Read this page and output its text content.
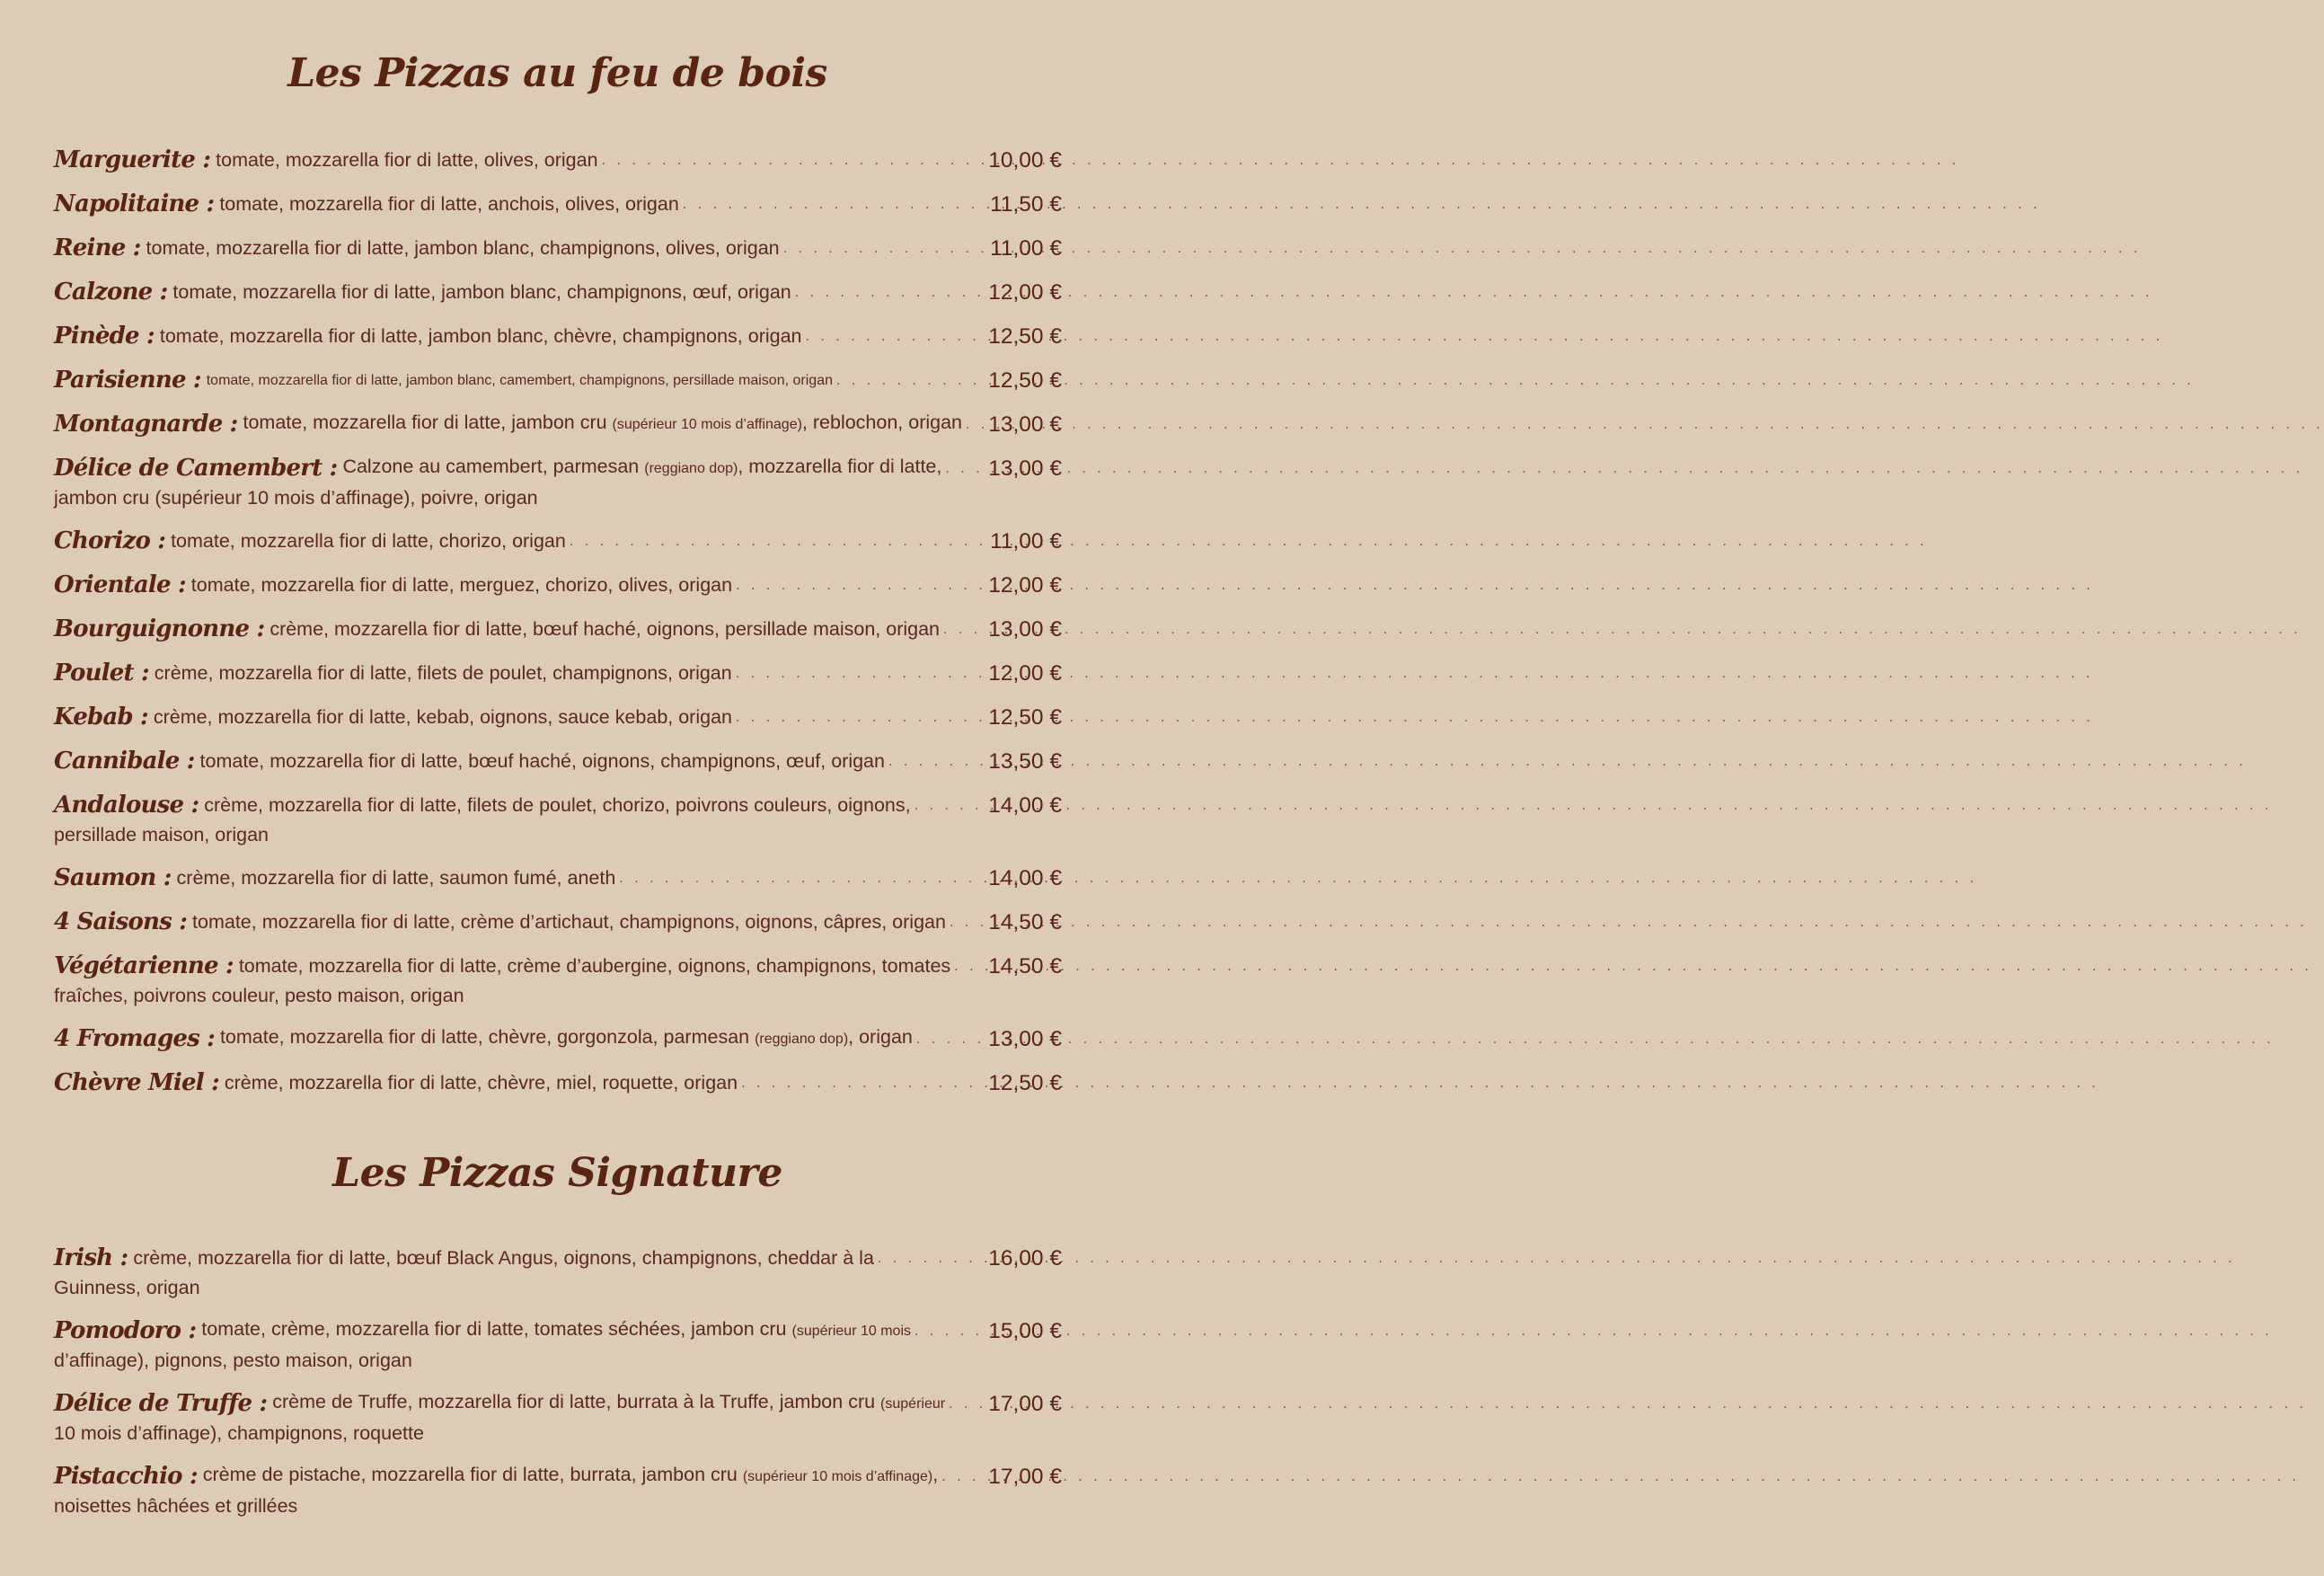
Les Pizzas au feu de bois
Marguerite : tomate, mozzarella fior di latte, olives, origan . . .	10,00 €
Napolitaine : tomate, mozzarella fior di latte, anchois, olives, origan . . .	11,50 €
Reine : tomate, mozzarella fior di latte, jambon blanc, champignons, olives, origan . . .	11,00 €
Calzone : tomate, mozzarella fior di latte, jambon blanc, champignons, œuf, origan . . .	12,00 €
Pinède : tomate, mozzarella fior di latte, jambon blanc, chèvre, champignons, origan . . .	12,50 €
Parisienne : tomate, mozzarella fior di latte, jambon blanc, camembert, champignons, persillade maison, origan . . .	12,50 €
Montagnarde : tomate, mozzarella fior di latte, jambon cru (supérieur 10 mois d’affinage), reblochon, origan . . . 13,00 €
Délice de Camembert : Calzone au camembert, parmesan (reggiano dop), mozzarella fior di latte, . . . 13,00 €
jambon cru (supérieur 10 mois d’affinage), poivre, origan
Chorizo : tomate, mozzarella fior di latte, chorizo, origan . . .	11,00 €
Orientale : tomate, mozzarella fior di latte, merguez, chorizo, olives, origan . . .	12,00 €
Bourguignonne : crème, mozzarella fior di latte, bœuf haché, oignons, persillade maison, origan . . . 13,00 €
Poulet : crème, mozzarella fior di latte, filets de poulet, champignons, origan . . .	12,00 €
Kebab : crème, mozzarella fior di latte, kebab, oignons, sauce kebab, origan . . .	12,50 €
Cannibale : tomate, mozzarella fior di latte, bœuf haché, oignons, champignons, œuf, origan . . .	13,50 €
Andalouse : crème, mozzarella fior di latte, filets de poulet, chorizo, poivrons couleurs, oignons, . . .	14,00 €
persillade maison, origan
Saumon : crème, mozzarella fior di latte, saumon fumé, aneth . . .	14,00 €
4 Saisons : tomate, mozzarella fior di latte, crème d’artichaut, champignons, oignons, câpres, origan . . . 14,50 €
Végétarienne : tomate, mozzarella fior di latte, crème d’aubergine, oignons, champignons, tomates . . . 14,50 €
fraîches, poivrons couleur, pesto maison, origan
4 Fromages : tomate, mozzarella fior di latte, chèvre, gorgonzola, parmesan (reggiano dop), origan . . .	13,00 €
Chèvre Miel : crème, mozzarella fior di latte, chèvre, miel, roquette, origan . . .	12,50 €
Les Pizzas Signature
Irish : crème, mozzarella fior di latte, bœuf Black Angus, oignons, champignons, cheddar à la . . .	16,00 €
Guinness, origan
Pomodoro : tomate, crème, mozzarella fior di latte, tomates séchées, jambon cru (supérieur 10 mois . . .	15,00 €
d’affinage), pignons, pesto maison, origan
Délice de Truffe : crème de Truffe, mozzarella fior di latte, burrata à la Truffe, jambon cru (supérieur . . . 17,00 €
10 mois d’affinage), champignons, roquette
Pistacchio : crème de pistache, mozzarella fior di latte, burrata, jambon cru (supérieur 10 mois d’affinage), . . . 17,00 €
noisettes hâchées et grillées
